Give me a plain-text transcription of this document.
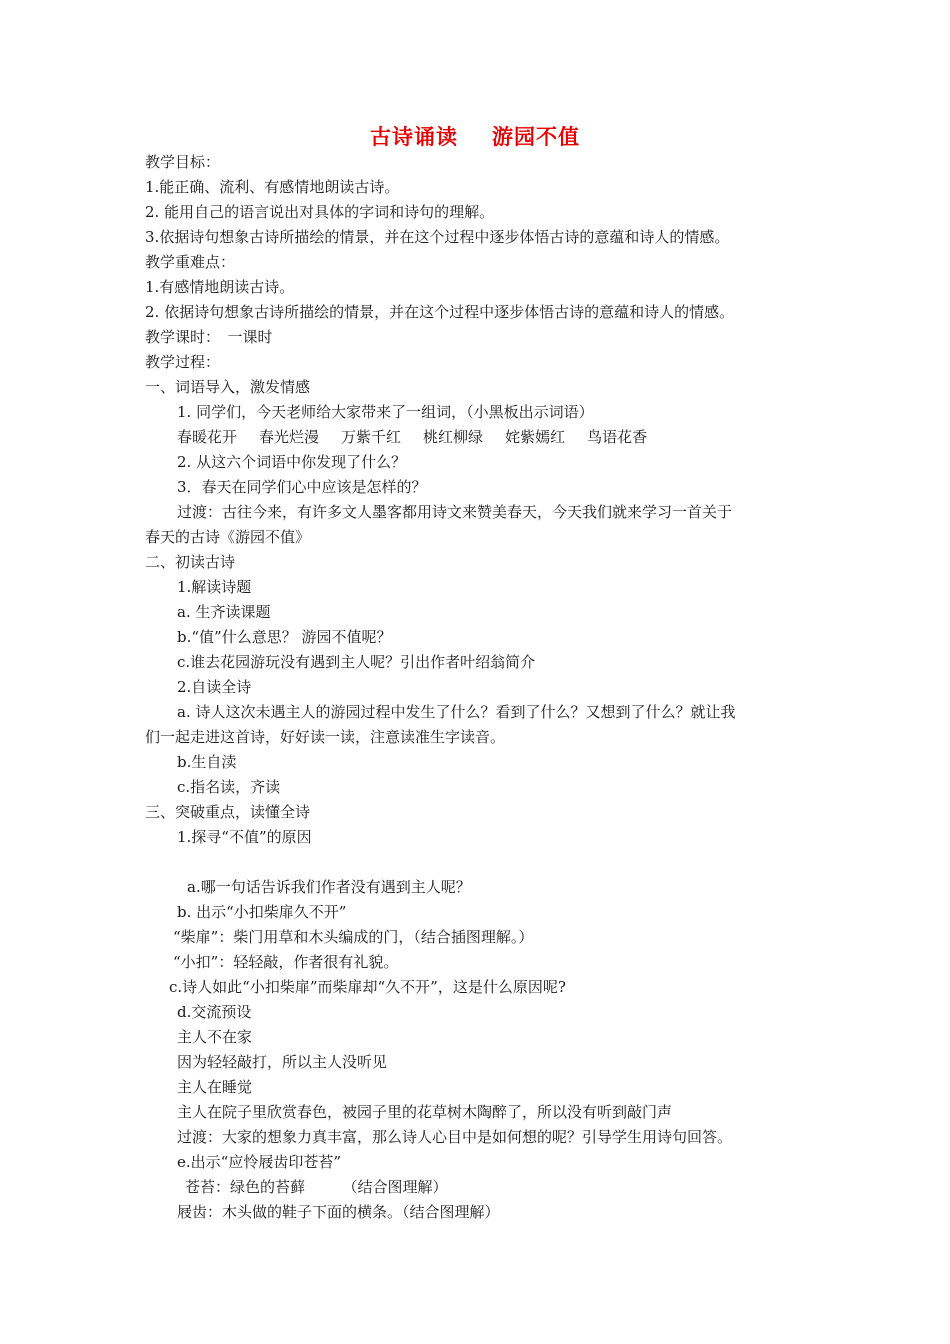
古诗诵读 游园不值
教学目标：
1.能正确、流利、有感情地朗读古诗。
2. 能用自己的语言说出对具体的字词和诗句的理解。
3.依据诗句想象古诗所描绘的情景，并在这个过程中逐步体悟古诗的意蕴和诗人的情感。
教学重难点：
1.有感情地朗读古诗。
2. 依据诗句想象古诗所描绘的情景，并在这个过程中逐步体悟古诗的意蕴和诗人的情感。
教学课时：　一课时
教学过程：
一、词语导入，激发情感
1. 同学们，今天老师给大家带来了一组词，（小黑板出示词语）
春暖花开 春光烂漫 万紫千红 桃红柳绿 姹紫嫣红 鸟语花香
2. 从这六个词语中你发现了什么？
3．春天在同学们心中应该是怎样的？
过渡：古往今来，有许多文人墨客都用诗文来赞美春天，今天我们就来学习一首关于
春天的古诗《游园不值》
二、初读古诗
1.解读诗题
a. 生齐读课题
b.“值”什么意思？ 游园不值呢？
c.谁去花园游玩没有遇到主人呢？引出作者叶绍翁简介
2.自读全诗
a. 诗人这次未遇主人的游园过程中发生了什么？看到了什么？又想到了什么？就让我
们一起走进这首诗，好好读一读，注意读准生字读音。
b.生自渎
c.指名读，齐读
三、突破重点，读懂全诗
1.探寻“不值”的原因
a.哪一句话告诉我们作者没有遇到主人呢？
b. 出示“小扣柴扉久不开”
“柴扉”：柴门用草和木头编成的门，（结合插图理解。）
“小扣”：轻轻敲，作者很有礼貌。
c.诗人如此“小扣柴扉”而柴扉却“久不开”，这是什么原因呢?
d.交流预设
主人不在家
因为轻轻敲打，所以主人没听见
主人在睡觉
主人在院子里欣赏春色，被园子里的花草树木陶醉了，所以没有听到敲门声
过渡：大家的想象力真丰富，那么诗人心目中是如何想的呢？引导学生用诗句回答。
e.出示“应怜屐齿印苍苔”
苍苔：绿色的苔藓　　　（结合图理解）
屐齿：木头做的鞋子下面的横条。（结合图理解）
